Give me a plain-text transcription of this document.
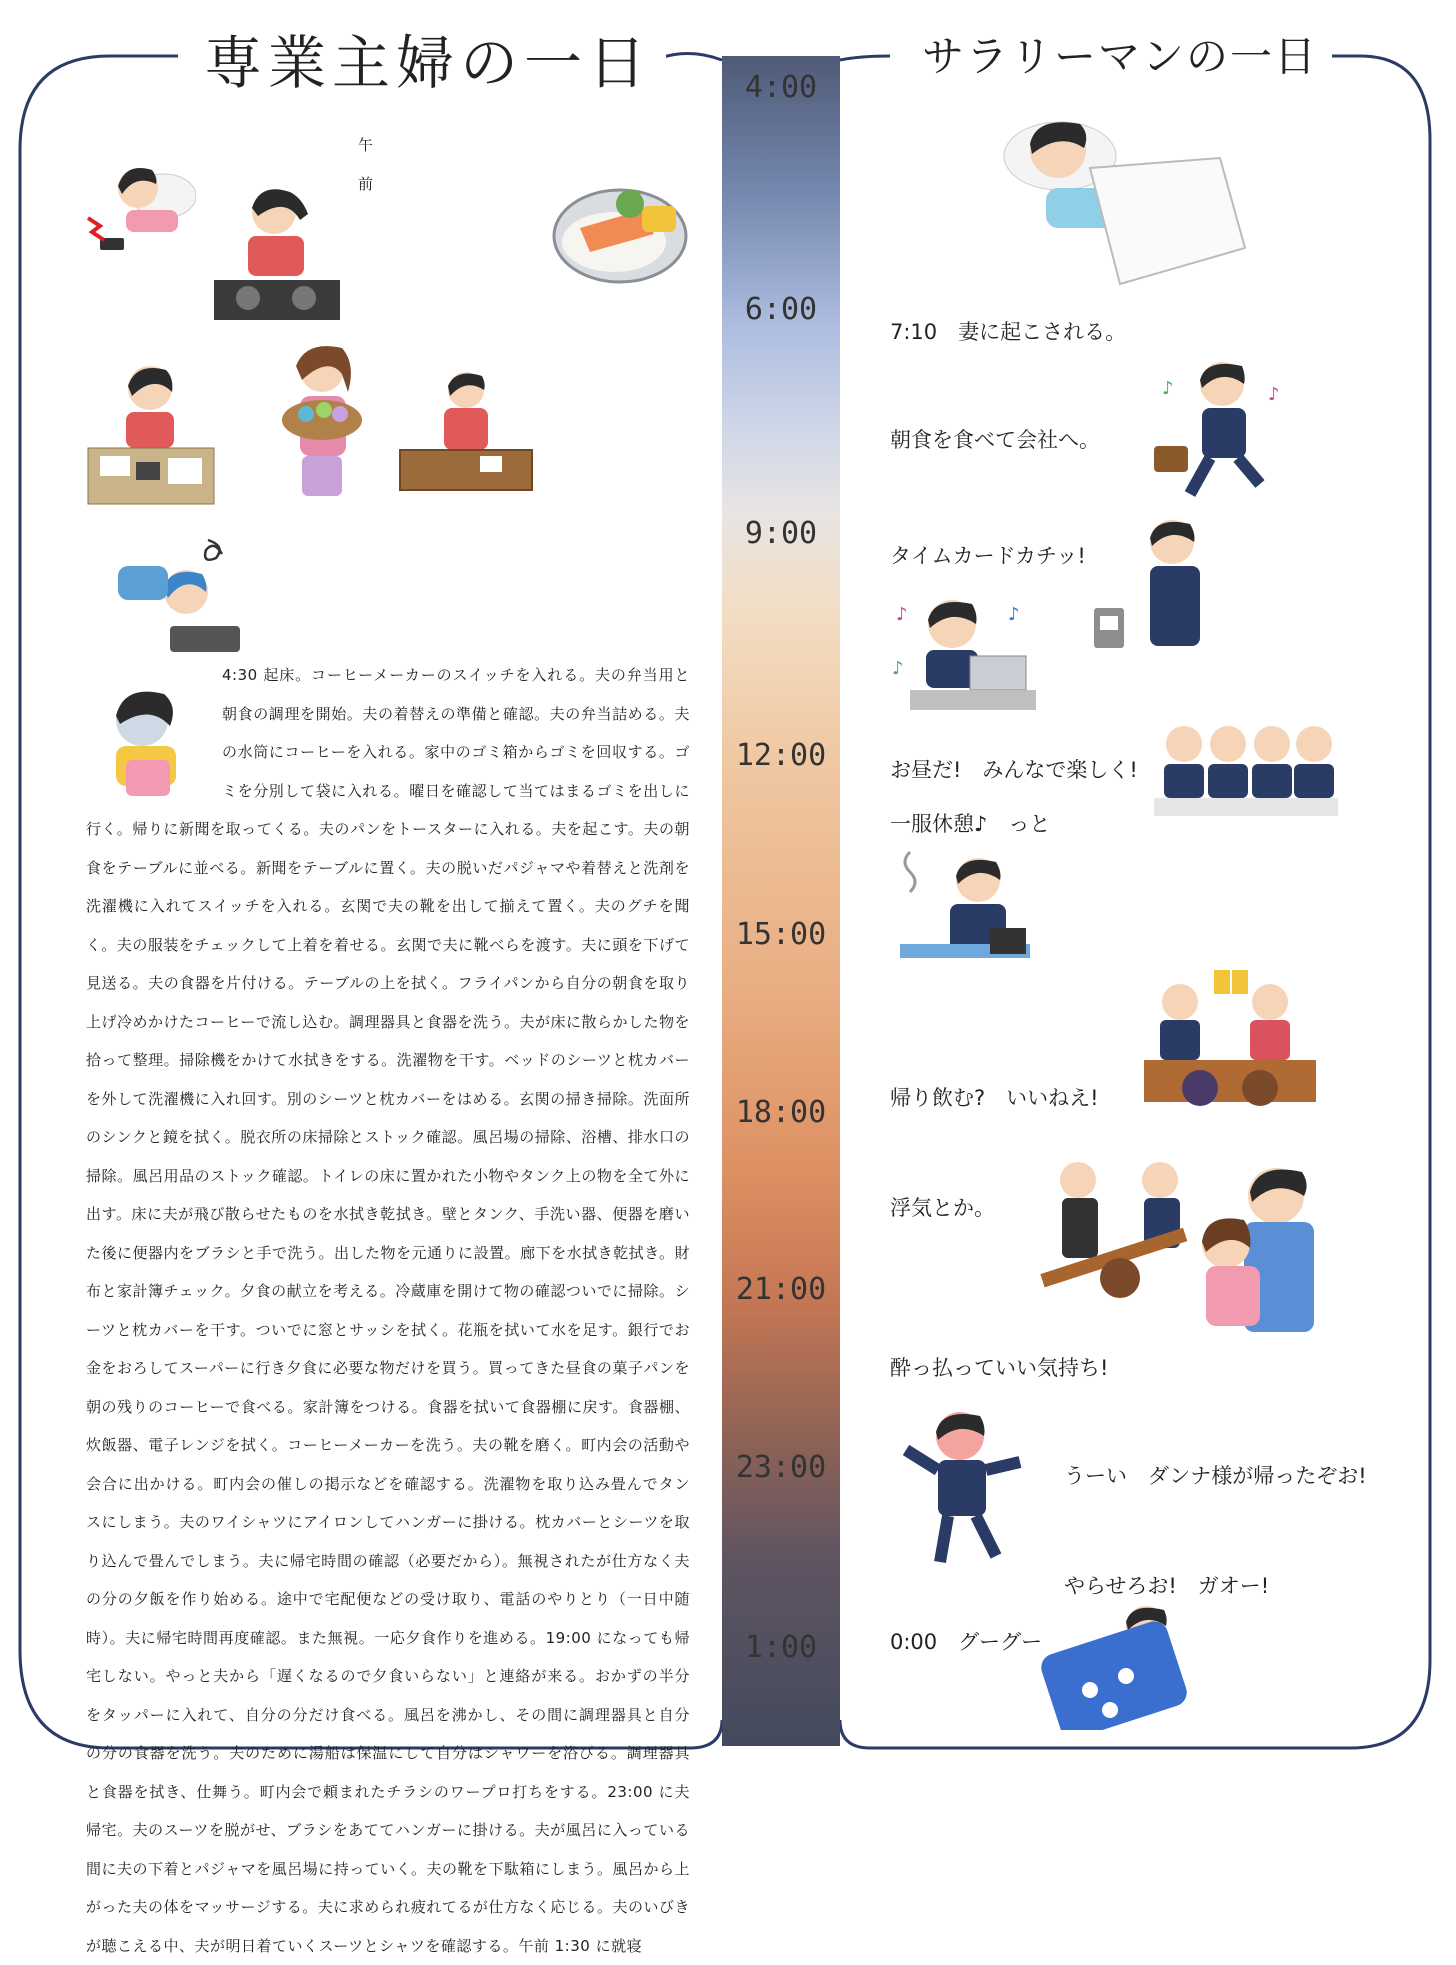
専業主婦の一日	サラリーマンの一日
4:00
6:00
9:00
12:00
15:00
18:00
21:00
23:00
1:00
午前 4:30 起床。コーヒーメーカーのスイッチを入れる。夫の弁当用と朝食の調理を開始。夫の着替えの準備と確認。夫の弁当詰める。夫の水筒にコーヒーを入れる。家中のゴミ箱からゴミを回収する。ゴミを分別して袋に入れる。曜日を確認して当てはまるゴミを出しに行く。帰りに新聞を取ってくる。夫のパンをトースターに入れる。夫を起こす。夫の朝食をテーブルに並べる。新聞をテーブルに置く。夫の脱いだパジャマや着替えと洗剤を洗濯機に入れてスイッチを入れる。玄関で夫の靴を出して揃えて置く。夫のグチを聞く。夫の服装をチェックして上着を着せる。玄関で夫に靴べらを渡す。夫に頭を下げて見送る。夫の食器を片付ける。テーブルの上を拭く。フライパンから自分の朝食を取り上げ冷めかけたコーヒーで流し込む。調理器具と食器を洗う。夫が床に散らかした物を拾って整理。掃除機をかけて水拭きをする。洗濯物を干す。ベッドのシーツと枕カバーを外して洗濯機に入れ回す。別のシーツと枕カバーをはめる。玄関の掃き掃除。洗面所のシンクと鏡を拭く。脱衣所の床掃除とストック確認。風呂場の掃除、浴槽、排水口の掃除。風呂用品のストック確認。トイレの床に置かれた小物やタンク上の物を全て外に出す。床に夫が飛び散らせたものを水拭き乾拭き。壁とタンク、手洗い器、便器を磨いた後に便器内をブラシと手で洗う。出した物を元通りに設置。廊下を水拭き乾拭き。財布と家計簿チェック。夕食の献立を考える。冷蔵庫を開けて物の確認ついでに掃除。シーツと枕カバーを干す。ついでに窓とサッシを拭く。花瓶を拭いて水を足す。銀行でお金をおろしてスーパーに行き夕食に必要な物だけを買う。買ってきた昼食の菓子パンを朝の残りのコーヒーで食べる。家計簿をつける。食器を拭いて食器棚に戻す。食器棚、炊飯器、電子レンジを拭く。コーヒーメーカーを洗う。夫の靴を磨く。町内会の活動や会合に出かける。町内会の催しの掲示などを確認する。洗濯物を取り込み畳んでタンスにしまう。夫のワイシャツにアイロンしてハンガーに掛ける。枕カバーとシーツを取り込んで畳んでしまう。夫に帰宅時間の確認（必要だから）。無視されたが仕方なく夫の分の夕飯を作り始める。途中で宅配便などの受け取り、電話のやりとり（一日中随時）。夫に帰宅時間再度確認。また無視。一応夕食作りを進める。19:00 になっても帰宅しない。やっと夫から「遅くなるので夕食いらない」と連絡が来る。おかずの半分をタッパーに入れて、自分の分だけ食べる。風呂を沸かし、その間に調理器具と自分の分の食器を洗う。夫のために湯船は保温にして自分はシャワーを浴びる。調理器具と食器を拭き、仕舞う。町内会で頼まれたチラシのワープロ打ちをする。23:00 に夫帰宅。夫のスーツを脱がせ、ブラシをあててハンガーに掛ける。夫が風呂に入っている間に夫の下着とパジャマを風呂場に持っていく。夫の靴を下駄箱にしまう。風呂から上がった夫の体をマッサージする。夫に求められ疲れてるが仕方なく応じる。夫のいびきが聴こえる中、夫が明日着ていくスーツとシャツを確認する。午前 1:30 に就寝
7:10　妻に起こされる。
朝食を食べて会社へ。
♪	♪
タイムカードカチッ!
♪	♪
♪
お昼だ!　みんなで楽しく!
一服休憩♪　っと
帰り飲む?　いいねえ!
浮気とか。
酔っ払っていい気持ち!
うーい　ダンナ様が帰ったぞお!
やらせろお!　ガオー!
0:00　グーグー
